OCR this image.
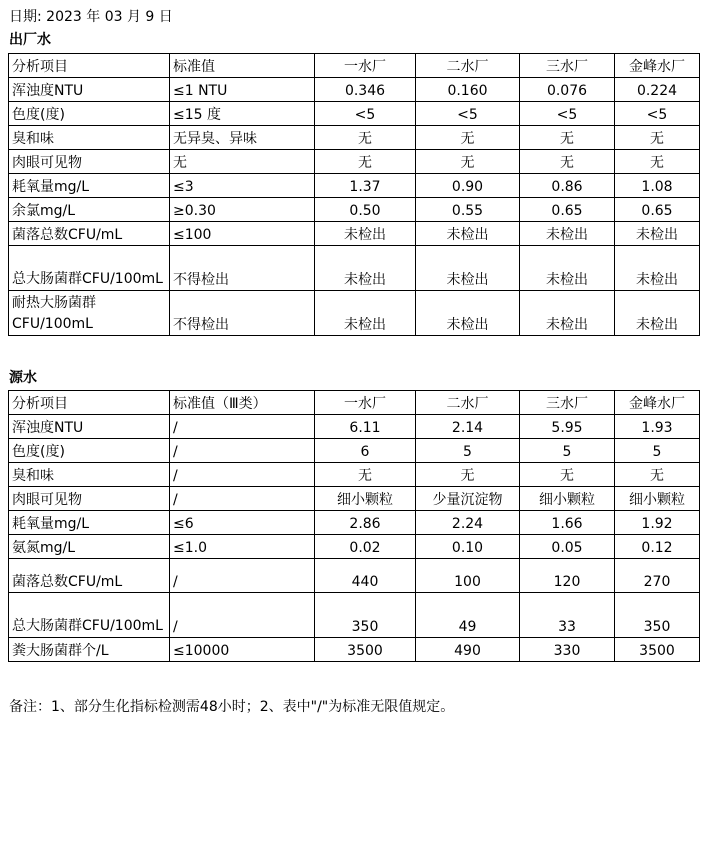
日期: 2023 年 03 月 9 日
出厂水
分析项目	标准值	一水厂	二水厂	三水厂	金峰水厂
浑浊度NTU	≤1 NTU	0.346	0.160	0.076	0.224
色度(度)	≤15 度	<5	<5	<5	<5
臭和味	无异臭、异味	无	无	无	无
肉眼可见物	无	无	无	无	无
耗氧量mg/L	≤3	1.37	0.90	0.86	1.08
余氯mg/L	≥0.30	0.50	0.55	0.65	0.65
菌落总数CFU/mL	≤100	未检出	未检出	未检出	未检出
总大肠菌群CFU/100mL	不得检出	未检出	未检出	未检出	未检出
耐热大肠菌群CFU/100mL	不得检出	未检出	未检出	未检出	未检出
源水
分析项目	标准值（Ⅲ类）	一水厂	二水厂	三水厂	金峰水厂
浑浊度NTU	/	6.11	2.14	5.95	1.93
色度(度)	/	6	5	5	5
臭和味	/	无	无	无	无
肉眼可见物	/	细小颗粒	少量沉淀物	细小颗粒	细小颗粒
耗氧量mg/L	≤6	2.86	2.24	1.66	1.92
氨氮mg/L	≤1.0	0.02	0.10	0.05	0.12
菌落总数CFU/mL	/	440	100	120	270
总大肠菌群CFU/100mL	/	350	49	33	350
粪大肠菌群个/L	≤10000	3500	490	330	3500
备注：1、部分生化指标检测需48小时；2、表中"/"为标准无限值规定。
